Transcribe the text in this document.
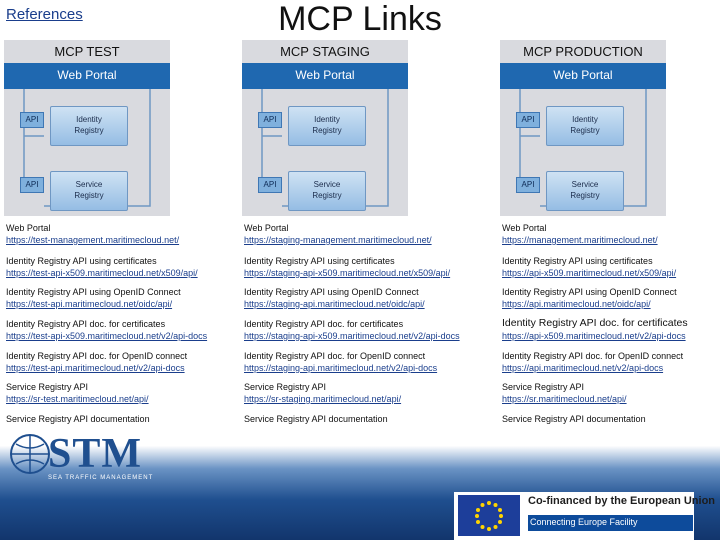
References	MCP Links
MCP TEST
Web Portal
API	Identity
Registry
API	Service
Registry
MCP STAGING
Web Portal
API	Identity
Registry
API	Service
Registry
MCP PRODUCTION
Web Portal
API	Identity
Registry
API	Service
Registry
Web Portal
https://test-management.maritimecloud.net/
Identity Registry API using certificates
https://test-api-x509.maritimecloud.net/x509/api/
Identity Registry API using OpenID Connect
https://test-api.maritimecloud.net/oidc/api/
Identity Registry API doc. for certificates
https://test-api-x509.maritimecloud.net/v2/api-docs
Identity Registry API doc. for OpenID connect
https://test-api.maritimecloud.net/v2/api-docs
Service Registry API
https://sr-test.maritimecloud.net/api/
Service Registry API documentation
Web Portal
https://staging-management.maritimecloud.net/
Identity Registry API using certificates
https://staging-api-x509.maritimecloud.net/x509/api/
Identity Registry API using OpenID Connect
https://staging-api.maritimecloud.net/oidc/api/
Identity Registry API doc. for certificates
https://staging-api-x509.maritimecloud.net/v2/api-docs
Identity Registry API doc. for OpenID connect
https://staging-api.maritimecloud.net/v2/api-docs
Service Registry API
https://sr-staging.maritimecloud.net/api/
Service Registry API documentation
Web Portal
https://management.maritimecloud.net/
Identity Registry API using certificates
https://api-x509.maritimecloud.net/x509/api/
Identity Registry API using OpenID Connect
https://api.maritimecloud.net/oidc/api/
Identity Registry API doc. for certificates
https://api-x509.maritimecloud.net/v2/api-docs
Identity Registry API doc. for OpenID connect
https://api.maritimecloud.net/v2/api-docs
Service Registry API
https://sr.maritimecloud.net/api/
Service Registry API documentation
STM
SEA TRAFFIC MANAGEMENT
Co-financed by the European Union
Connecting Europe Facility
